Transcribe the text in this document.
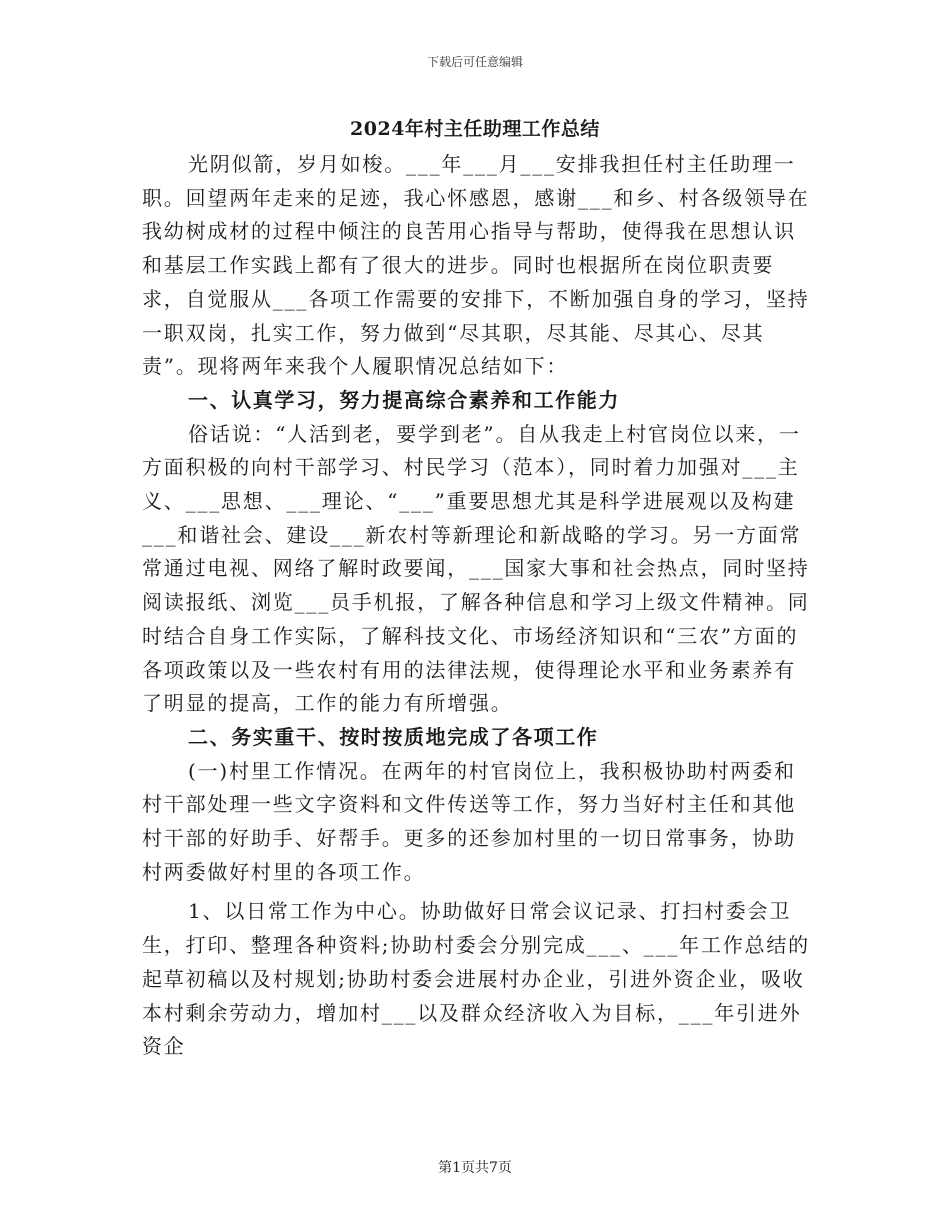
下载后可任意编辑
2024年村主任助理工作总结

光阴似箭，岁月如梭。___年___月___安排我担任村主任助理一职。回望两年走来的足迹，我心怀感恩，感谢___和乡、村各级领导在我幼树成材的过程中倾注的良苦用心指导与帮助，使得我在思想认识和基层工作实践上都有了很大的进步。同时也根据所在岗位职责要求，自觉服从___各项工作需要的安排下，不断加强自身的学习，坚持一职双岗，扎实工作，努力做到“尽其职，尽其能、尽其心、尽其责”。现将两年来我个人履职情况总结如下：

一、认真学习，努力提高综合素养和工作能力

俗话说：“人活到老，要学到老”。自从我走上村官岗位以来，一方面积极的向村干部学习、村民学习（范本），同时着力加强对___主义、___思想、___理论、“___”重要思想尤其是科学进展观以及构建___和谐社会、建设___新农村等新理论和新战略的学习。另一方面常常通过电视、网络了解时政要闻，___国家大事和社会热点，同时坚持阅读报纸、浏览___员手机报，了解各种信息和学习上级文件精神。同时结合自身工作实际，了解科技文化、市场经济知识和“三农”方面的各项政策以及一些农村有用的法律法规，使得理论水平和业务素养有了明显的提高，工作的能力有所增强。

二、务实重干、按时按质地完成了各项工作

(一)村里工作情况。在两年的村官岗位上，我积极协助村两委和村干部处理一些文字资料和文件传送等工作，努力当好村主任和其他村干部的好助手、好帮手。更多的还参加村里的一切日常事务，协助村两委做好村里的各项工作。

1、以日常工作为中心。协助做好日常会议记录、打扫村委会卫生，打印、整理各种资料;协助村委会分别完成___、___年工作总结的起草初稿以及村规划;协助村委会进展村办企业，引进外资企业，吸收本村剩余劳动力，增加村___以及群众经济收入为目标，___年引进外资企

第1页共7页
